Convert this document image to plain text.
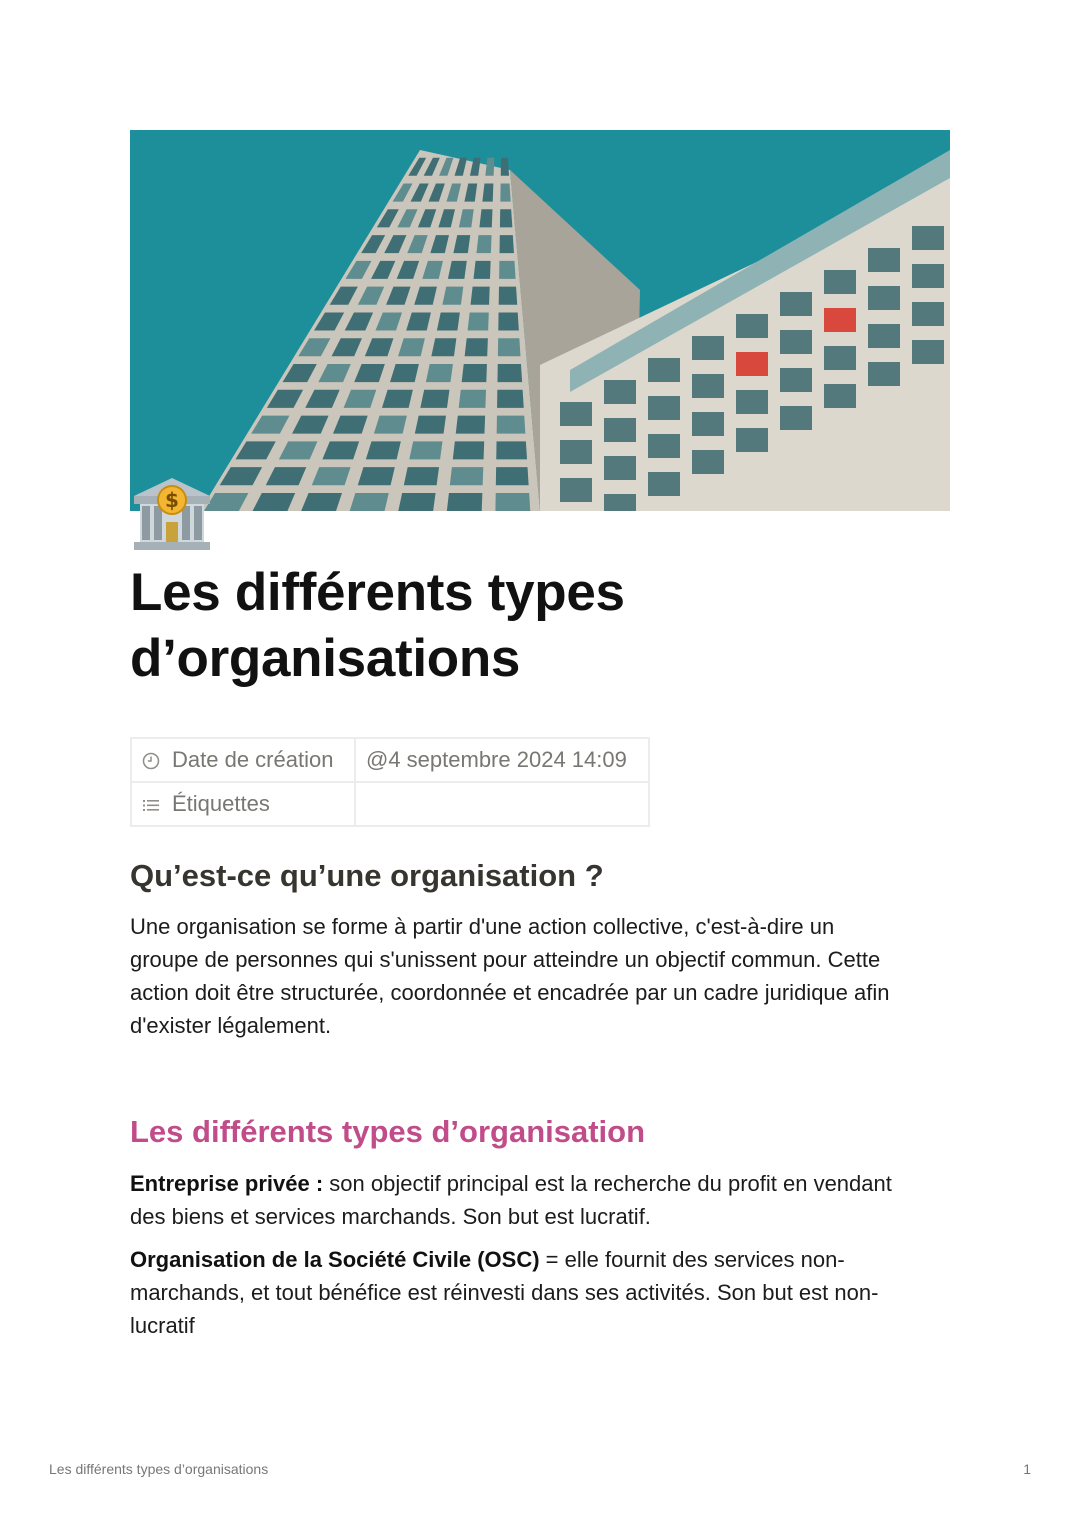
$
Les différents types
d’organisations
Date de création	@4 septembre 2024 14:09

Étiquettes	
Qu’est-ce qu’une organisation ?

Une organisation se forme à partir d'une action collective, c'est-à-dire un
groupe de personnes qui s'unissent pour atteindre un objectif commun. Cette
action doit être structurée, coordonnée et encadrée par un cadre juridique afin
d'exister légalement.

Les différents types d’organisation

Entreprise privée : son objectif principal est la recherche du profit en vendant
des biens et services marchands. Son but est lucratif.

Organisation de la Société Civile (OSC) = elle fournit des services non-
marchands, et tout bénéfice est réinvesti dans ses activités. Son but est non-
lucratif

Les différents types d’organisations	1
